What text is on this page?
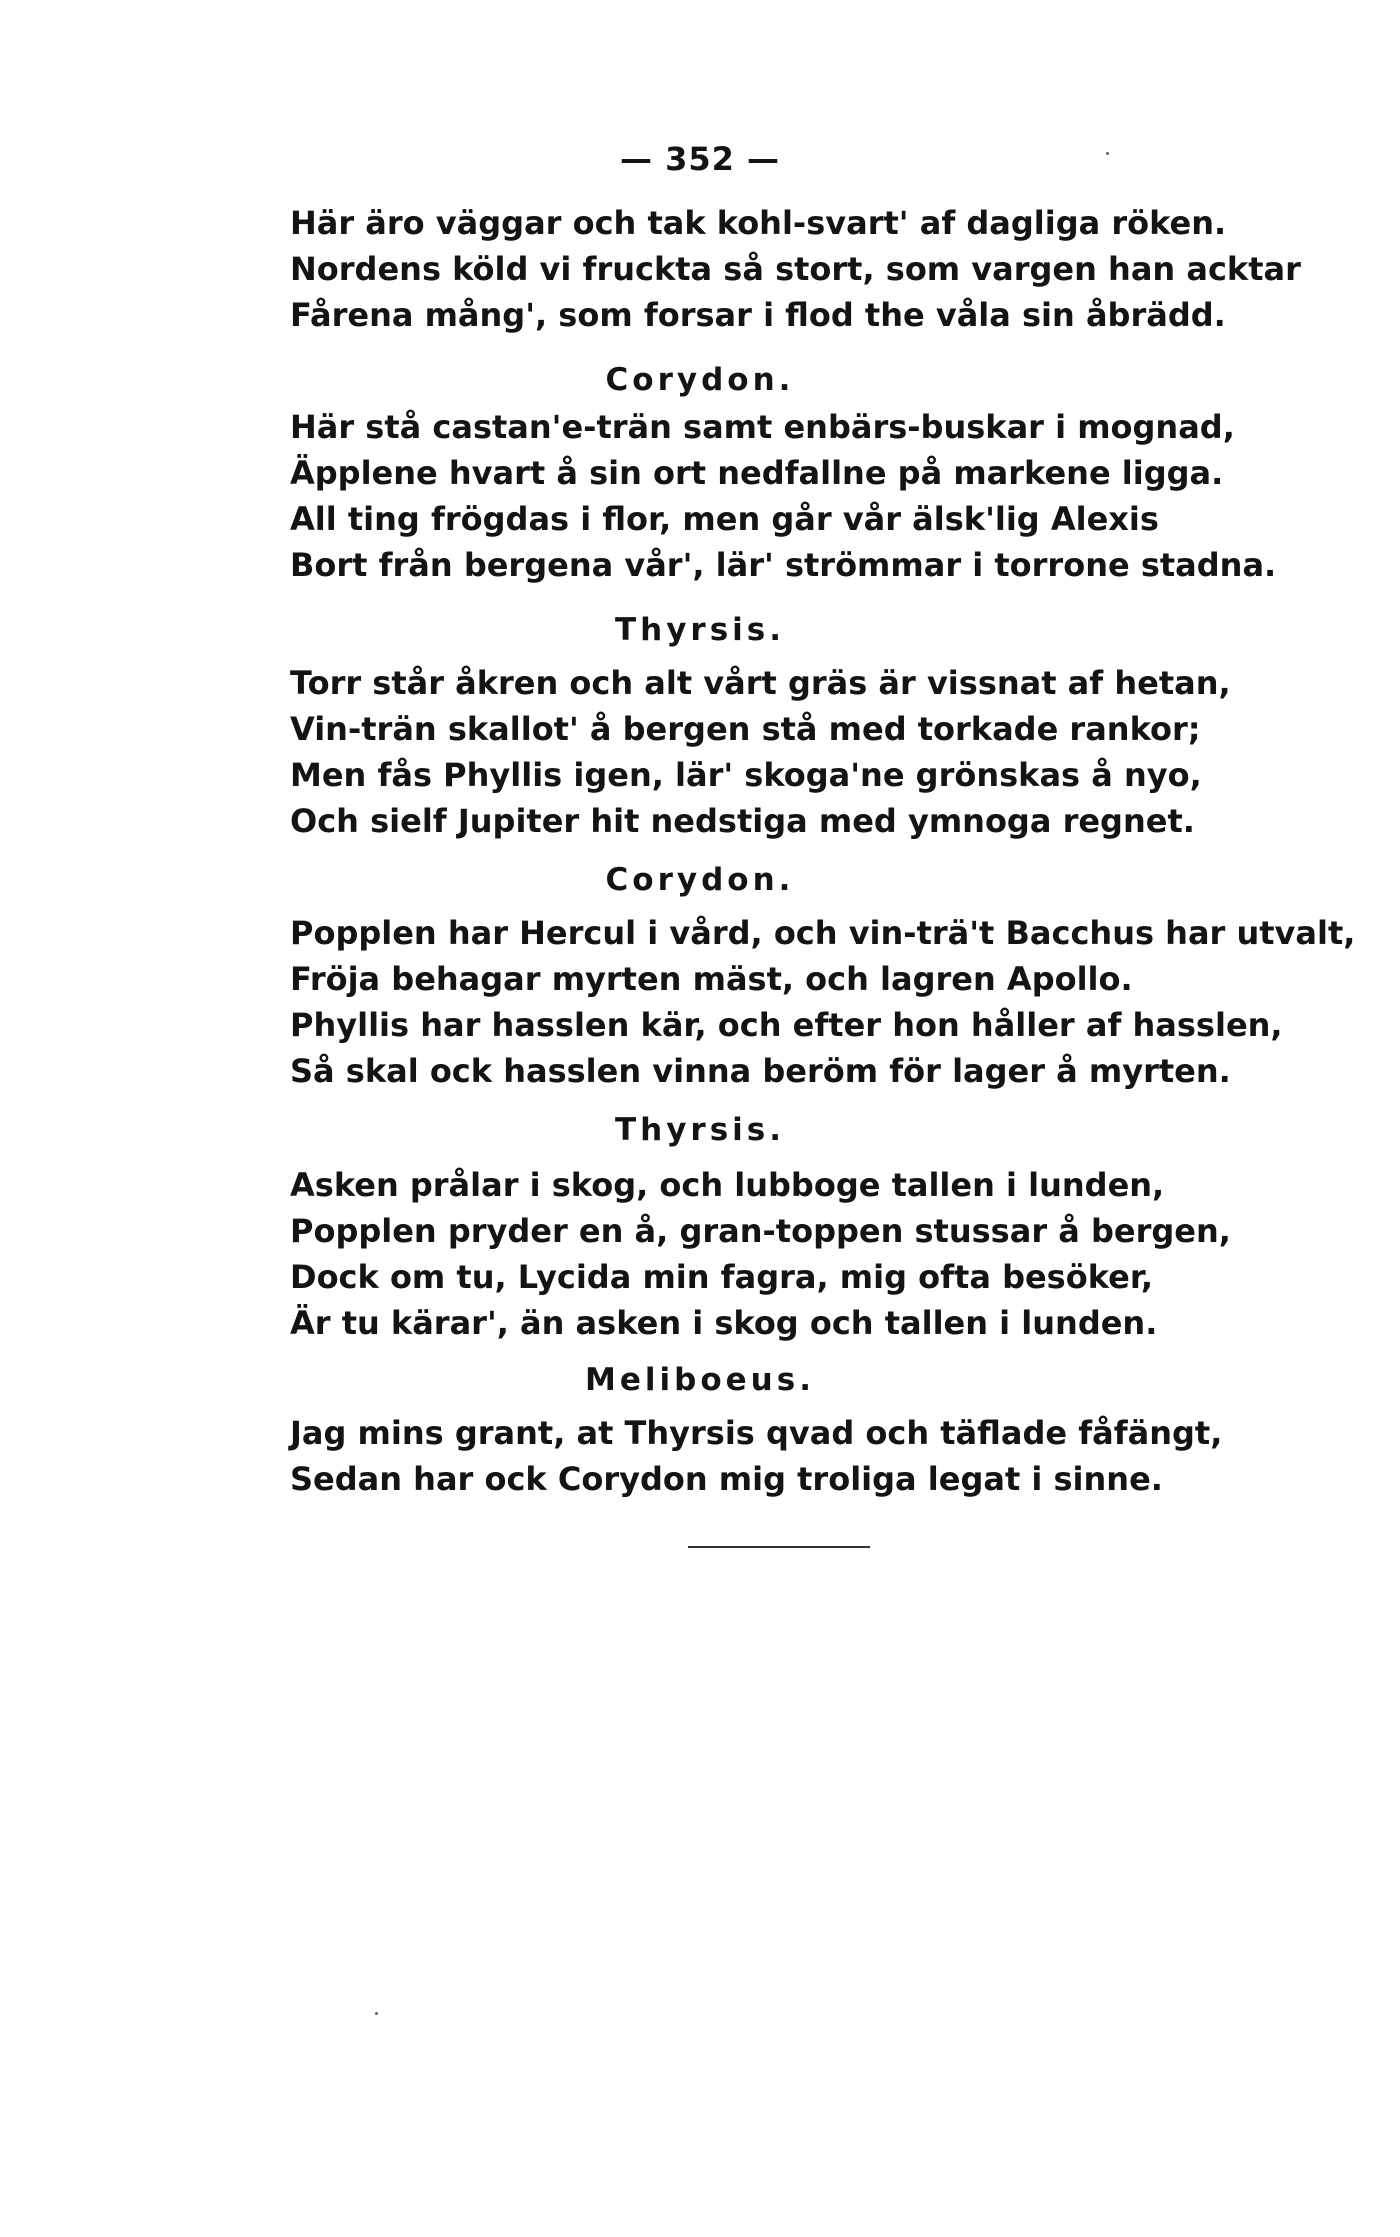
— 352 —
Här äro väggar och tak kohl-svart' af dagliga röken.
Nordens köld vi fruckta så stort, som vargen han acktar
Fårena mång', som forsar i flod the våla sin åbrädd.
Corydon.
Här stå castan'e-trän samt enbärs-buskar i mognad,
Äpplene hvart å sin ort nedfallne på markene ligga.
All ting frögdas i flor, men går vår älsk'lig Alexis
Bort från bergena vår', lär' strömmar i torrone stadna.
Thyrsis.
Torr står åkren och alt vårt gräs är vissnat af hetan,
Vin-trän skallot' å bergen stå med torkade rankor;
Men fås Phyllis igen, lär' skoga'ne grönskas å nyo,
Och sielf Jupiter hit nedstiga med ymnoga regnet.
Corydon.
Popplen har Hercul i vård, och vin-trä't Bacchus har utvalt,
Fröja behagar myrten mäst, och lagren Apollo.
Phyllis har hasslen kär, och efter hon håller af hasslen,
Så skal ock hasslen vinna beröm för lager å myrten.
Thyrsis.
Asken prålar i skog, och lubboge tallen i lunden,
Popplen pryder en å, gran-toppen stussar å bergen,
Dock om tu, Lycida min fagra, mig ofta besöker,
Är tu kärar', än asken i skog och tallen i lunden.
Meliboeus.
Jag mins grant, at Thyrsis qvad och täflade fåfängt,
Sedan har ock Corydon mig troliga legat i sinne.
